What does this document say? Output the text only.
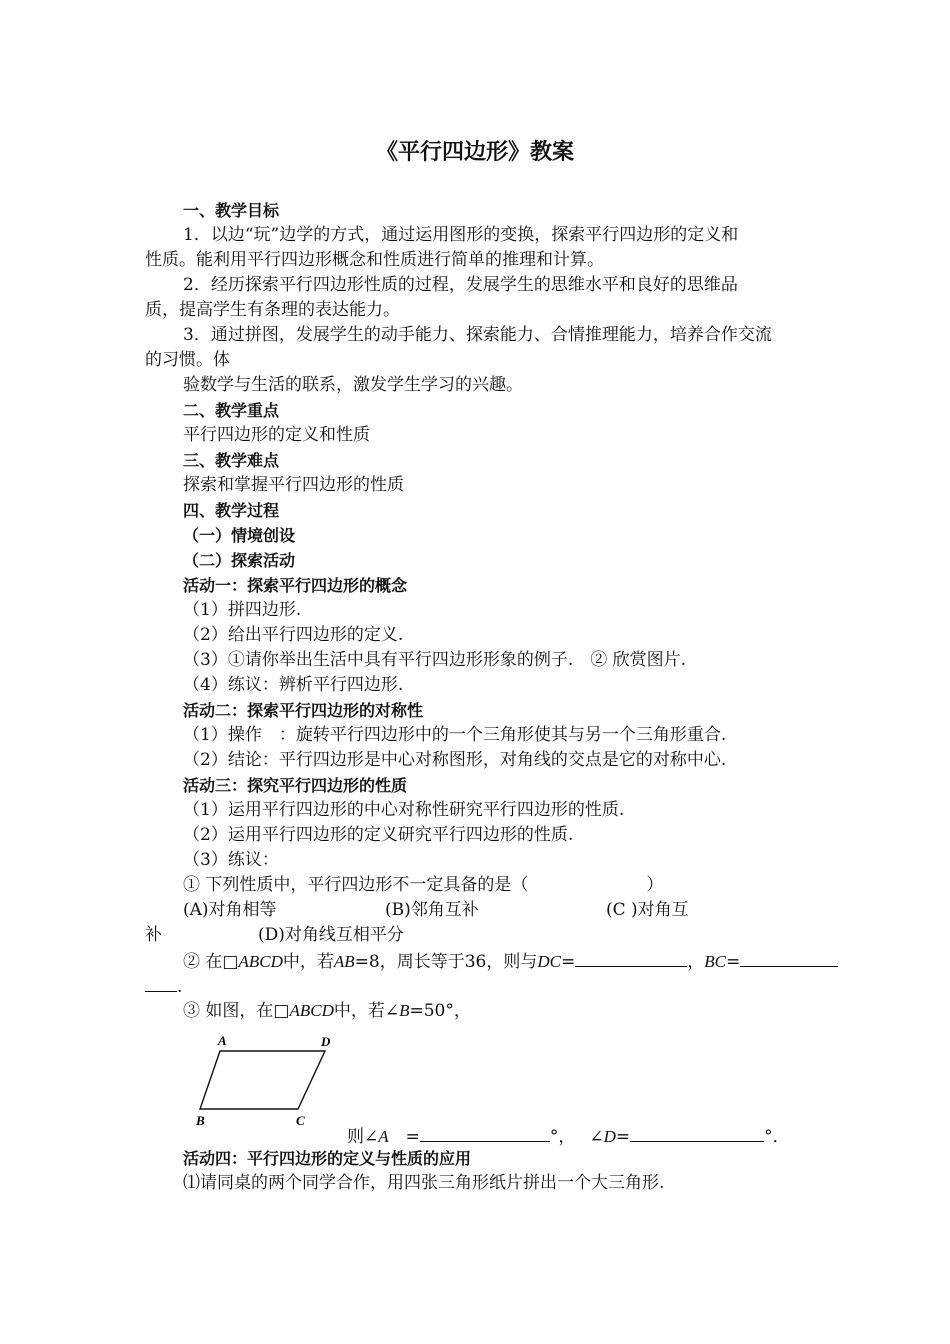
《平行四边形》教案
一、教学目标
1．以边“玩”边学的方式，通过运用图形的变换，探索平行四边形的定义和
性质。能利用平行四边形概念和性质进行简单的推理和计算。
2．经历探索平行四边形性质的过程，发展学生的思维水平和良好的思维品
质，提高学生有条理的表达能力。
3．通过拼图，发展学生的动手能力、探索能力、合情推理能力，培养合作交流
的习惯。体
验数学与生活的联系，激发学生学习的兴趣。
二、教学重点
平行四边形的定义和性质
三、教学难点
探索和掌握平行四边形的性质
四、教学过程
（一）情境创设
（二）探索活动
活动一：探索平行四边形的概念
（1）拼四边形.
（2）给出平行四边形的定义.
（3）①请你举出生活中具有平行四边形形象的例子.　② 欣赏图片.
（4）练议：辨析平行四边形.
活动二：探索平行四边形的对称性
（1）操作　：旋转平行四边形中的一个三角形使其与另一个三角形重合.
（2）结论：平行四边形是中心对称图形，对角线的交点是它的对称中心.
活动三：探究平行四边形的性质
（1）运用平行四边形的中心对称性研究平行四边形的性质.
（2）运用平行四边形的定义研究平行四边形的性质.
（3）练议：
① 下列性质中，平行四边形不一定具备的是（	）
(A)对角相等	(B)邻角互补	(C )对角互
补	(D)对角线互相平分
② 在□ABCD中，若AB=8，周长等于36，则与DC=	，BC=
.
③ 如图，在□ABCD中，若∠B=50°，
A	D
B	C
则∠A　=	°， ∠D=	°．
活动四：平行四边形的定义与性质的应用
⑴请同桌的两个同学合作，用四张三角形纸片拼出一个大三角形.
